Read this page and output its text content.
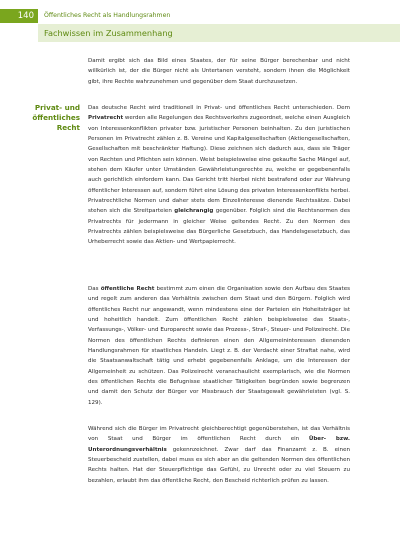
140	Öffentliches Recht als Handlungsrahmen
Fachwissen im Zusammenhang
Privat- und
öffentliches
Recht

Damit ergibt sich das Bild eines Staates, der für seine Bürger berechenbar und nicht willkürlich ist, der die Bürger nicht als Untertanen versteht, sondern ihnen die Möglichkeit gibt, ihre Rechte wahrzunehmen und gegenüber dem Staat durchzusetzen.

Das deutsche Recht wird traditionell in Privat- und öffentliches Recht unterschieden. Dem Privatrecht werden alle Regelungen des Rechtsverkehrs zugeordnet, welche einen Ausgleich von Interessenkonflikten privater bzw. juristischer Personen beinhalten. Zu den juristischen Personen im Privatrecht zählen z. B. Vereine und Kapitalgesellschaften (Aktiengesellschaften, Gesellschaften mit beschränkter Haftung). Diese zeichnen sich dadurch aus, dass sie Träger von Rechten und Pflichten sein können. Weist beispielsweise eine gekaufte Sache Mängel auf, stehen dem Käufer unter Umständen Gewährleistungsrechte zu, welche er gegebenenfalls auch gerichtlich einfordern kann. Das Gericht tritt hierbei nicht bestrafend oder zur Wahrung öffentlicher Interessen auf, sondern führt eine Lösung des privaten Interessenkonflikts herbei. Privatrechtliche Normen und daher stets dem Einzelinteresse dienende Rechtssätze. Dabei stehen sich die Streitparteien gleichrangig gegenüber. Folglich sind die Rechtsnormen des Privatrechts für jedermann in gleicher Weise geltendes Recht. Zu den Normen des Privatrechts zählen beispielsweise das Bürgerliche Gesetzbuch, das Handelsgesetzbuch, das Urheberrecht sowie das Aktien- und Wertpapierrecht.

Das öffentliche Recht bestimmt zum einen die Organisation sowie den Aufbau des Staates und regelt zum anderen das Verhältnis zwischen dem Staat und den Bürgern. Folglich wird öffentliches Recht nur angewandt, wenn mindestens eine der Parteien ein Hoheitsträger ist und hoheitlich handelt. Zum öffentlichen Recht zählen beispielsweise das Staats-, Verfassungs-, Völker- und Europarecht sowie das Prozess-, Straf-, Steuer- und Polizeirecht. Die Normen des öffentlichen Rechts definieren einen den Allgemeininteressen dienenden Handlungsrahmen für staatliches Handeln. Liegt z. B. der Verdacht einer Straftat nahe, wird die Staatsanwaltschaft tätig und erhebt gegebenenfalls Anklage, um die Interessen der Allgemeinheit zu schützen. Das Polizeirecht veranschaulicht exemplarisch, wie die Normen des öffentlichen Rechts die Befugnisse staatlicher Tätigkeiten begründen sowie begrenzen und damit den Schutz der Bürger vor Missbrauch der Staatsgewalt gewährleisten (vgl. S. 129).

Während sich die Bürger im Privatrecht gleichberechtigt gegenüberstehen, ist das Verhältnis von Staat und Bürger im öffentlichen Recht durch ein Über- bzw. Unterordnungsverhältnis gekennzeichnet. Zwar darf das Finanzamt z. B. einen Steuerbescheid zustellen, dabei muss es sich aber an die geltenden Normen des öffentlichen Rechts halten. Hat der Steuerpflichtige das Gefühl, zu Unrecht oder zu viel Steuern zu bezahlen, erlaubt ihm das öffentliche Recht, den Bescheid richterlich prüfen zu lassen.
